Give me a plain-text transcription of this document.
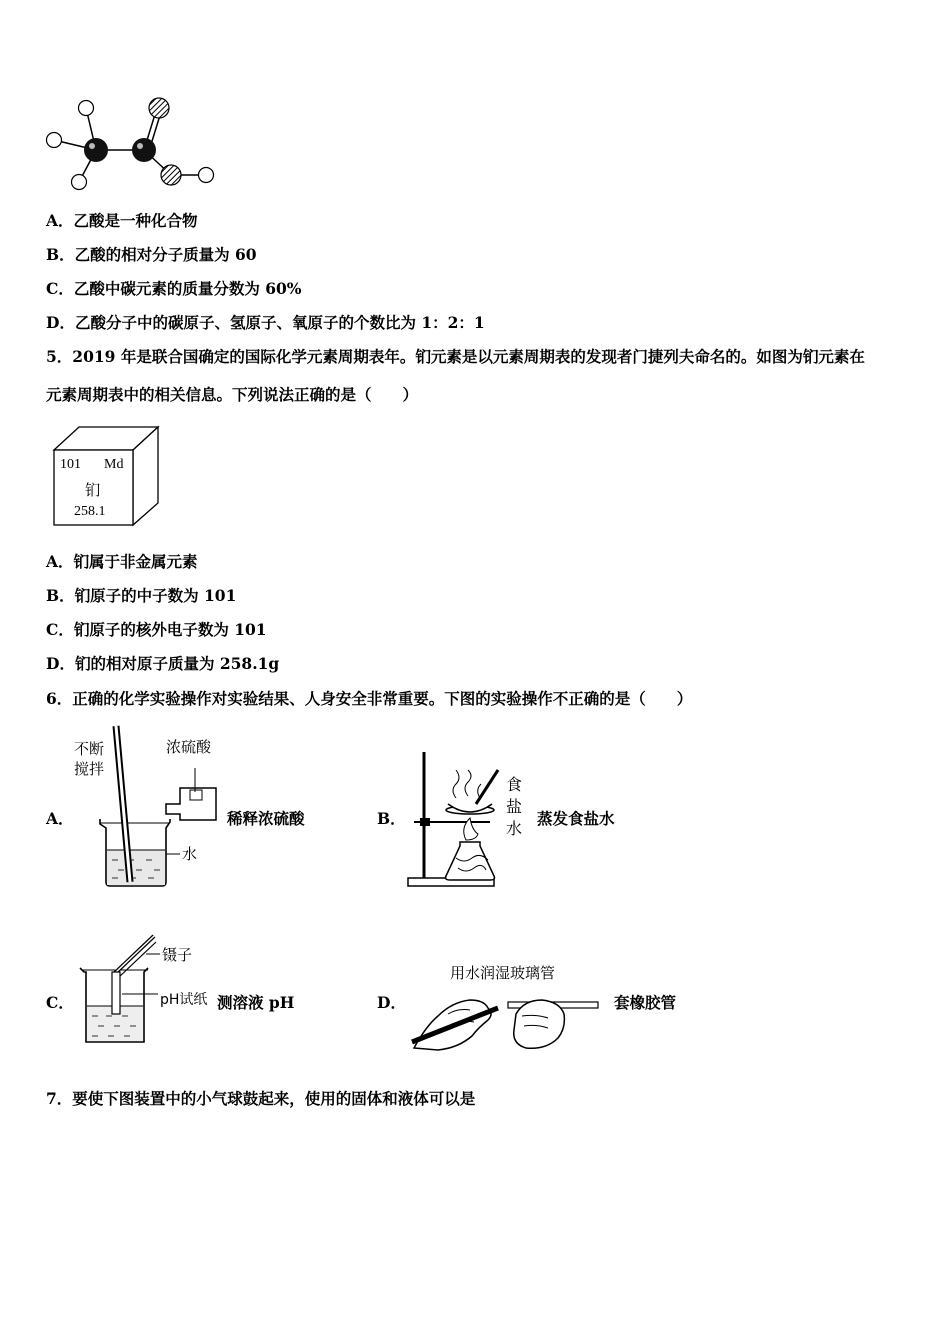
A．乙酸是一种化合物
B．乙酸的相对分子质量为 60
C．乙酸中碳元素的质量分数为 60%
D．乙酸分子中的碳原子、氢原子、氧原子的个数比为 1：2：1
5．2019 年是联合国确定的国际化学元素周期表年。钔元素是以元素周期表的发现者门捷列夫命名的。如图为钔元素在
元素周期表中的相关信息。下列说法正确的是（　　）
101 Md
钔
258.1
A．钔属于非金属元素
B．钔原子的中子数为 101
C．钔原子的核外电子数为 101
D．钔的相对原子质量为 258.1g
6．正确的化学实验操作对实验结果、人身安全非常重要。下图的实验操作不正确的是（　　）
A．
不断
搅拌
浓硫酸
水
稀释浓硫酸	B．
食
盐
水
蒸发食盐水
C．
镊子
pH试纸 测溶液 pH	D．
用水润湿玻璃管
套橡胶管
7．要使下图装置中的小气球鼓起来，使用的固体和液体可以是
